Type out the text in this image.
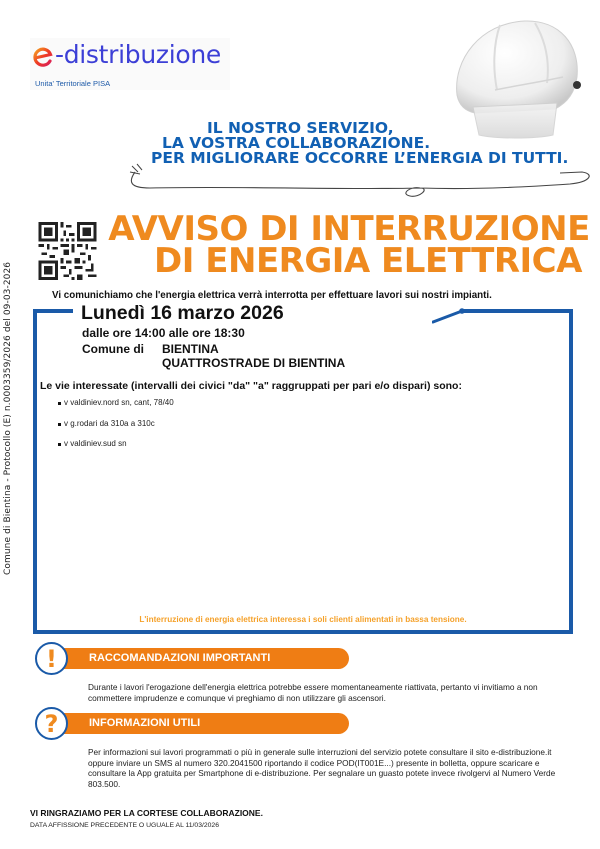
Comune di Bientina - Protocollo (E) n.0003359/2026 del 09-03-2026
-distribuzione
Unita' Territoriale PISA
IL NOSTRO SERVIZIO,
LA VOSTRA COLLABORAZIONE.
PER MIGLIORARE OCCORRE L’ENERGIA DI TUTTI.
AVVISO DI INTERRUZIONE
DI ENERGIA ELETTRICA
Vi comunichiamo che l'energia elettrica verrà interrotta per effettuare lavori sui nostri impianti.
Lunedì 16 marzo 2026
dalle ore 14:00 alle ore 18:30
Comune di BIENTINA
QUATTROSTRADE DI BIENTINA
Le vie interessate (intervalli dei civici "da" "a" raggruppati per pari e/o dispari) sono:
v valdiniev.nord sn, cant, 78/40
v g.rodari da 310a a 310c
v valdiniev.sud sn
L'interruzione di energia elettrica interessa i soli clienti alimentati in bassa tensione.
RACCOMANDAZIONI IMPORTANTI
!
Durante i lavori l'erogazione dell'energia elettrica potrebbe essere momentaneamente riattivata, pertanto vi invitiamo a non commettere imprudenze e comunque vi preghiamo di non utilizzare gli ascensori.
INFORMAZIONI UTILI
?
Per informazioni sui lavori programmati o più in generale sulle interruzioni del servizio potete consultare il sito e-distribuzione.it oppure inviare un SMS al numero 320.2041500 riportando il codice POD(IT001E...) presente in bolletta, oppure scaricare e consultare la App gratuita per Smartphone di e-distribuzione. Per segnalare un guasto potete invece rivolgervi al Numero Verde 803.500.
VI RINGRAZIAMO PER LA CORTESE COLLABORAZIONE.
DATA AFFISSIONE PRECEDENTE O UGUALE AL 11/03/2026
